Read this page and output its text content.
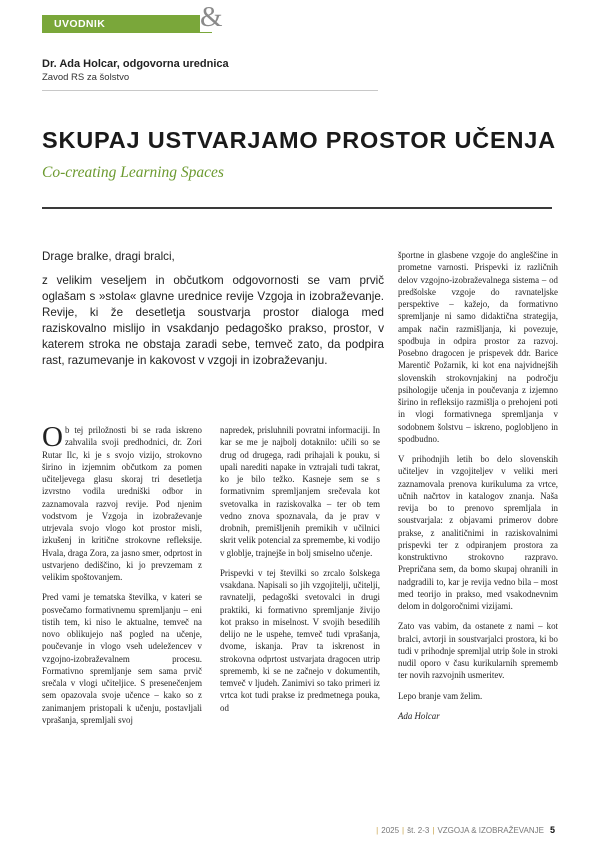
UVODNIK	&
Dr. Ada Holcar, odgovorna urednica
Zavod RS za šolstvo
SKUPAJ USTVARJAMO PROSTOR UČENJA
Co-creating Learning Spaces

Drage bralke, dragi bralci,

z velikim veseljem in občutkom odgovornosti se vam prvič oglašam s »stola« glavne urednice revije Vzgoja in izobraževanje. Revije, ki že desetletja soustvarja prostor dialoga med raziskovalno mislijo in vsakdanjo pedagoško prakso, prostor, v katerem stroka ne obstaja zaradi sebe, temveč zato, da podpira rast, razumevanje in kakovost v vzgoji in izobraževanju.

Ob tej priložnosti bi se rada iskreno zahvalila svoji predhodnici, dr. Zori Rutar Ilc, ki je s svojo vizijo, strokovno širino in izjemnim občutkom za pomen učiteljevega glasu skoraj tri desetletja izvrstno vodila uredniški odbor in zaznamovala razvoj revije. Pod njenim vodstvom je Vzgoja in izobraževanje utrjevala svojo vlogo kot prostor misli, izkušenj in kritične strokovne refleksije. Hvala, draga Zora, za jasno smer, odprtost in ustvarjeno dediščino, ki jo prevzemam z velikim spoštovanjem.

Pred vami je tematska številka, v kateri se posvečamo formativnemu spremljanju – eni tistih tem, ki niso le aktualne, temveč na novo oblikujejo naš pogled na učenje, poučevanje in vlogo vseh udeležencev v vzgojno-izobraževalnem procesu. Formativno spremljanje sem sama prvič srečala v vlogi učiteljice. S presenečenjem sem opazovala svoje učence – kako so z zanimanjem pristopali k učenju, postavljali vprašanja, spremljali svoj

napredek, prisluhnili povratni informaciji. In kar se me je najbolj dotaknilo: učili so se drug od drugega, radi prihajali k pouku, si upali narediti napake in vztrajali tudi takrat, ko je bilo težko. Kasneje sem se s formativnim spremljanjem srečevala kot svetovalka in raziskovalka – ter ob tem vedno znova spoznavala, da je prav v drobnih, premišljenih premikih v učilnici skrit velik potencial za spremembe, ki vodijo v globlje, trajnejše in bolj smiselno učenje.

Prispevki v tej številki so zrcalo šolskega vsakdana. Napisali so jih vzgojitelji, učitelji, ravnatelji, pedagoški svetovalci in drugi praktiki, ki formativno spremljanje živijo kot prakso in miselnost. V svojih besedilih delijo ne le uspehe, temveč tudi vprašanja, dvome, iskanja. Prav ta iskrenost in strokovna odprtost ustvarjata dragocen utrip sprememb, ki se ne začnejo v dokumentih, temveč v ljudeh. Zanimivi so tako primeri iz vrtca kot tudi prakse iz predmetnega pouka, od

športne in glasbene vzgoje do angleščine in prometne varnosti. Prispevki iz različnih delov vzgojno-izobraževalnega sistema – od predšolske vzgoje do ravnateljske perspektive – kažejo, da formativno spremljanje ni samo didaktična strategija, ampak način razmišljanja, ki povezuje, spodbuja in odpira prostor za razvoj. Posebno dragocen je prispevek ddr. Barice Marentič Požarnik, ki kot ena najvidnejših slovenskih strokovnjakinj na področju psihologije učenja in poučevanja z izjemno širino in refleksijo razmišlja o prehojeni poti in vlogi formativnega spremljanja v sodobnem šolstvu – iskreno, poglobljeno in spodbudno.

V prihodnjih letih bo delo slovenskih učiteljev in vzgojiteljev v veliki meri zaznamovala prenova kurikuluma za vrtce, učnih načrtov in katalogov znanja. Naša revija bo to prenovo spremljala in soustvarjala: z objavami primerov dobre prakse, z analitičnimi in raziskovalnimi prispevki ter z odpiranjem prostora za konstruktivno strokovno razpravo. Prepričana sem, da bomo skupaj ohranili in nadgradili to, kar je revija vedno bila – most med teorijo in prakso, med vsakodnevnim delom in dolgoročnimi vizijami.

Zato vas vabim, da ostanete z nami – kot bralci, avtorji in soustvarjalci prostora, ki bo tudi v prihodnje spremljal utrip šole in stroki nudil oporo v času kurikularnih sprememb ter novih razvojnih usmeritev.

Lepo branje vam želim.

Ada Holcar

| 2025 | št. 2-3 | VZGOJA & IZOBRAŽEVANJE 5
